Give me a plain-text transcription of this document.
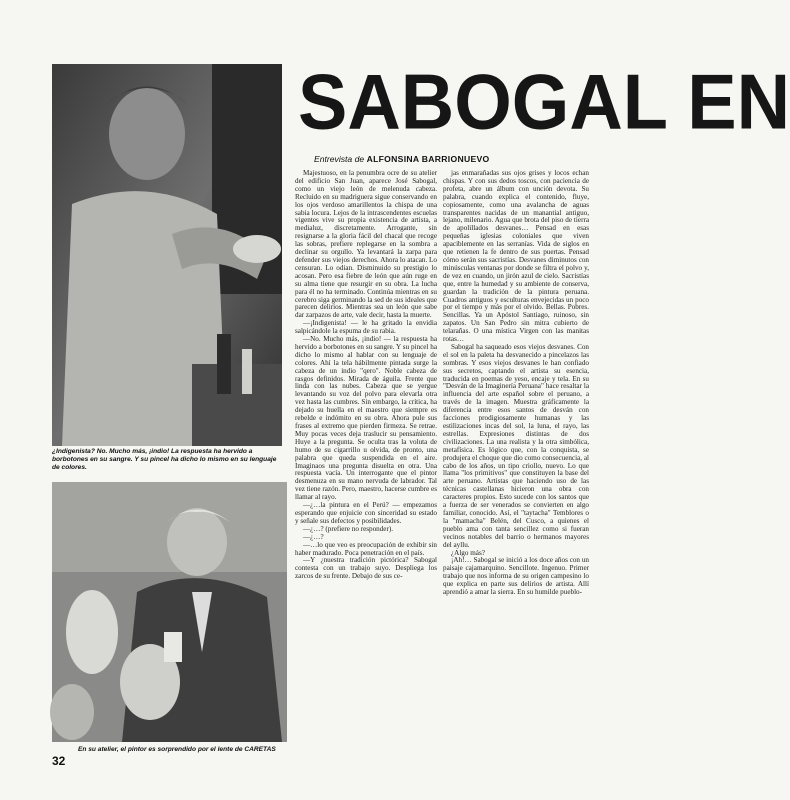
¿Indigenista? No. Mucho más, ¡indio! La respuesta ha hervido a borbotones en su sangre. Y su pincel ha dicho lo mismo en su lenguaje de colores.
En su atelier, el pintor es sorprendido por el lente de CARETAS
SABOGAL EN
Entrevista de ALFONSINA BARRIONUEVO

Majestuoso, en la penumbra ocre de su atelier del edificio San Juan, aparece José Sabogal, como un viejo león de melenuda cabeza. Recluido en su madriguera sigue conservando en los ojos verdoso amarillentos la chispa de una sabia locura. Lejos de la intrascendentes escuelas vigentes vive su propia existencia de artista, a medialuz, discretamente. Arrogante, sin resignarse a la gloria fácil del chacal que recoge las sobras, prefiere replegarse en la sombra a declinar su orgullo. Ya levantará la zarpa para defender sus viejos derechos. Ahora lo atacan. Lo censuran. Lo odian. Disminuido su prestigio lo acosan. Pero esa fiebre de león que aún ruge en su alma tiene que resurgir en su obra. La lucha para él no ha terminado. Continúa mientras en su cerebro siga germinando la sed de sus ideales que parecen delirios. Mientras sea un león que sabe dar zarpazos de arte, vale decir, hasta la muerte.

—¡Indigenista! — le ha gritado la envidia salpicándole la espuma de su rabia.

—No. Mucho más, ¡indio! — la respuesta ha hervido a borbotones en su sangre. Y su pincel ha dicho lo mismo al hablar con su lenguaje de colores. Ahí la tela hábilmente pintada surge la cabeza de un indio "qero". Noble cabeza de rasgos definidos. Mirada de águila. Frente que linda con las nubes. Cabeza que se yergue levantando su voz del polvo para elevarla otra vez hasta las cumbres. Sin embargo, la crítica, ha dejado su huella en el maestro que siempre es rebelde e indómito en su obra. Ahora pule sus frases al extremo que pierden firmeza. Se retrae. Muy pocas veces deja traslucir su pensamiento. Huye a la pregunta. Se oculta tras la voluta de humo de su cigarrillo u olvida, de pronto, una palabra que queda suspendida en el aire. Imaginaos una pregunta disuelta en otra. Una respuesta vacía. Un interrogante que el pintor desmenuza en su mano nervuda de labrador. Tal vez tiene razón. Pero, maestro, hacerse cumbre es llamar al rayo.

—¿…la pintura en el Perú? — empezamos esperando que enjuicie con sinceridad su estado y señale sus defectos y posibilidades.

—¿…? (prefiere no responder).

—¿…?

—…lo que veo es preocupación de exhibir sin haber madurado. Poca penetración en el país.

—Y ¿nuestra tradición pictórica? Sabogal contesta con un trabajo suyo. Despliega los zarcos de su frente. Debajo de sus ce-

jas enmarañadas sus ojos grises y locos echan chispas. Y con sus dedos toscos, con paciencia de profeta, abre un álbum con unción devota. Su palabra, cuando explica el contenido, fluye, copiosamente, como una avalancha de aguas transparentes nacidas de un manantial antiguo, lejano, milenario. Agua que brota del piso de tierra de apolillados desvanes… Pensad en esas pequeñas iglesias coloniales que viven apaciblemente en las serranías. Vida de siglos en que retienen la fe dentro de sus puertas. Pensad cómo serán sus sacristías. Desvanes diminutos con minúsculas ventanas por donde se filtra el polvo y, de vez en cuando, un jirón azul de cielo. Sacristías que, entre la humedad y su ambiente de conserva, guardan la tradición de la pintura peruana. Cuadros antiguos y esculturas envejecidas un poco por el tiempo y más por el olvido. Bellas. Pobres. Sencillas. Ya un Apóstol Santiago, ruinoso, sin zapatos. Un San Pedro sin mitra cubierto de telarañas. O una mística Virgen con las manitas rotas…

Sabogal ha saqueado esos viejos desvanes. Con el sol en la paleta ha desvanecido a pincelazos las sombras. Y esos viejos desvanes le han confiado sus secretos, captando el artista su esencia, traducida en poemas de yeso, encaje y tela. En su "Desván de la Imaginería Peruana" hace resaltar la influencia del arte español sobre el peruano, a través de la imagen. Muestra gráficamente la diferencia entre esos santos de desván con facciones prodigiosamente humanas y las estilizaciones incas del sol, la luna, el rayo, las estrellas. Expresiones distintas de dos civilizaciones. La una realista y la otra simbólica, metafísica. Es lógico que, con la conquista, se produjera el choque que dio como consecuencia, al cabo de los años, un tipo criollo, nuevo. Lo que llama "los primitivos" que constituyen la base del arte peruano. Artistas que haciendo uso de las técnicas castellanas hicieron una obra con caracteres propios. Esto sucede con los santos que a fuerza de ser venerados se convierten en algo familiar, conocido. Así, el "taytacha" Temblores o la "mamacha" Belén, del Cusco, a quienes el pueblo ama con tanta sencillez como si fueran vecinos notables del barrio o hermanos mayores del ayllu.

¿Algo más?

¡Ah!… Sabogal se inició a los doce años con un paisaje cajamarquino. Sencillote. Ingenuo. Primer trabajo que nos informa de su origen campesino lo que explica en parte sus delirios de artista. Allí aprendió a amar la sierra. En su humilde pueblo-

32
